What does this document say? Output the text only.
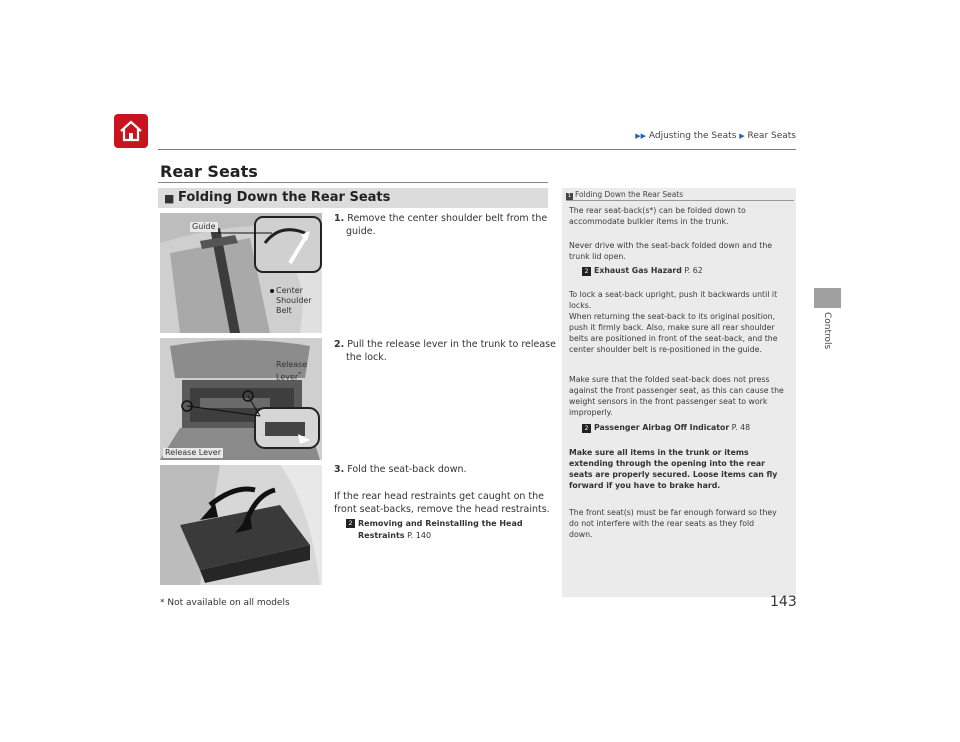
▶▶ Adjusting the Seats ▶ Rear Seats
Controls
Rear Seats
■ Folding Down the Rear Seats
Guide
Center
Shoulder
Belt
Release
Lever*
Release Lever
1. Remove the center shoulder belt from the
guide.
2. Pull the release lever in the trunk to release
the lock.
3. Fold the seat-back down.
If the rear head restraints get caught on the
front seat-backs, remove the head restraints.
2 Removing and Reinstalling the Head
Restraints P. 140
1 Folding Down the Rear Seats
The rear seat-back(s*) can be folded down to
accommodate bulkier items in the trunk.
Never drive with the seat-back folded down and the
trunk lid open.
2 Exhaust Gas Hazard P. 62
To lock a seat-back upright, push it backwards until it
locks.
When returning the seat-back to its original position,
push it firmly back. Also, make sure all rear shoulder
belts are positioned in front of the seat-back, and the
center shoulder belt is re-positioned in the guide.
Make sure that the folded seat-back does not press
against the front passenger seat, as this can cause the
weight sensors in the front passenger seat to work
improperly.
2 Passenger Airbag Off Indicator P. 48
Make sure all items in the trunk or items
extending through the opening into the rear
seats are properly secured. Loose items can fly
forward if you have to brake hard.
The front seat(s) must be far enough forward so they
do not interfere with the rear seats as they fold
down.
* Not available on all models	143
